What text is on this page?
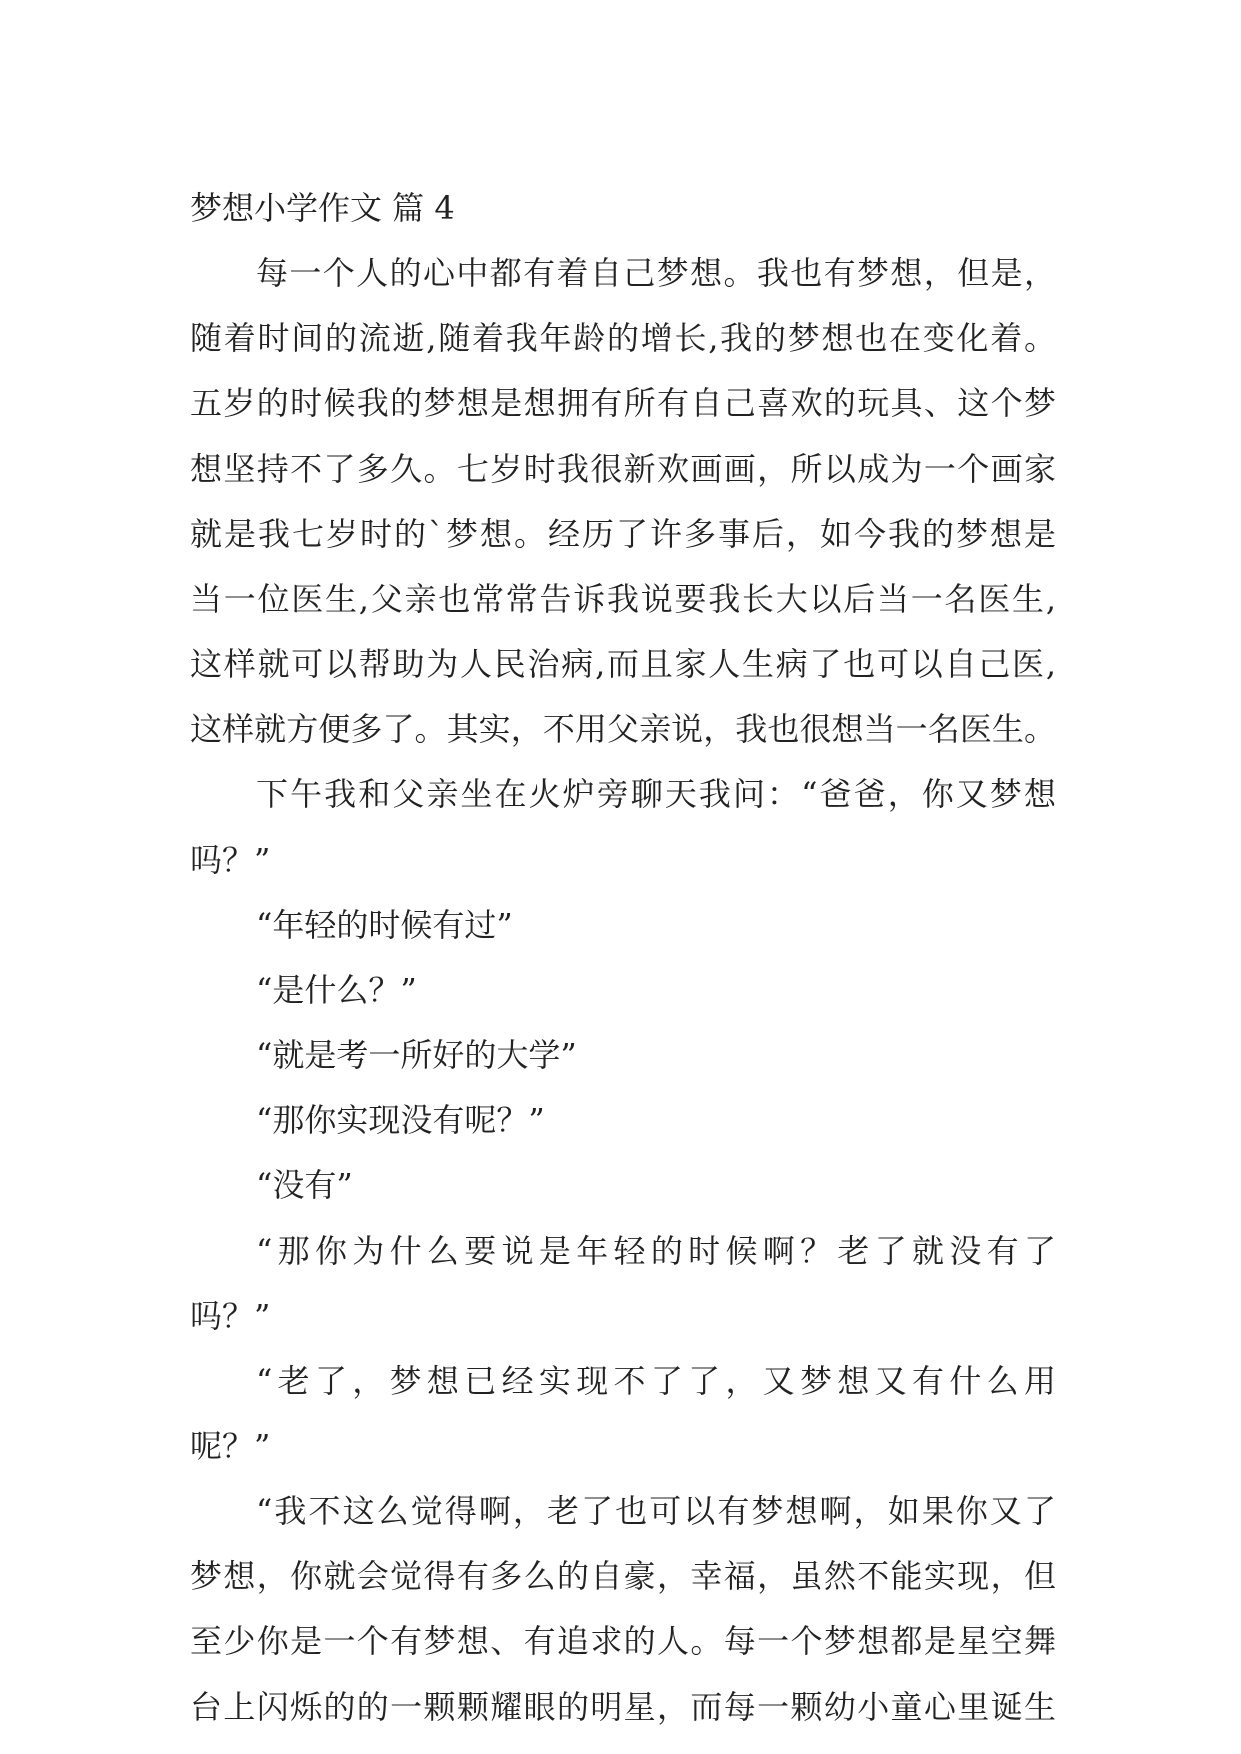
梦想小学作文 篇 4
每一个人的心中都有着自己梦想。我也有梦想，但是，
随着时间的流逝,随着我年龄的增长,我的梦想也在变化着。
五岁的时候我的梦想是想拥有所有自己喜欢的玩具、这个梦
想坚持不了多久。七岁时我很新欢画画，所以成为一个画家
就是我七岁时的`梦想。经历了许多事后，如今我的梦想是
当一位医生,父亲也常常告诉我说要我长大以后当一名医生,
这样就可以帮助为人民治病,而且家人生病了也可以自己医,
这样就方便多了。其实，不用父亲说，我也很想当一名医生。
下午我和父亲坐在火炉旁聊天我问：“爸爸，你又梦想
吗？”
“年轻的时候有过”
“是什么？”
“就是考一所好的大学”
“那你实现没有呢？”
“没有”
“那你为什么要说是年轻的时候啊？老了就没有了
吗？”
“老了，梦想已经实现不了了，又梦想又有什么用
呢？”
“我不这么觉得啊，老了也可以有梦想啊，如果你又了
梦想，你就会觉得有多么的自豪，幸福，虽然不能实现，但
至少你是一个有梦想、有追求的人。每一个梦想都是星空舞
台上闪烁的的一颗颗耀眼的明星，而每一颗幼小童心里诞生
